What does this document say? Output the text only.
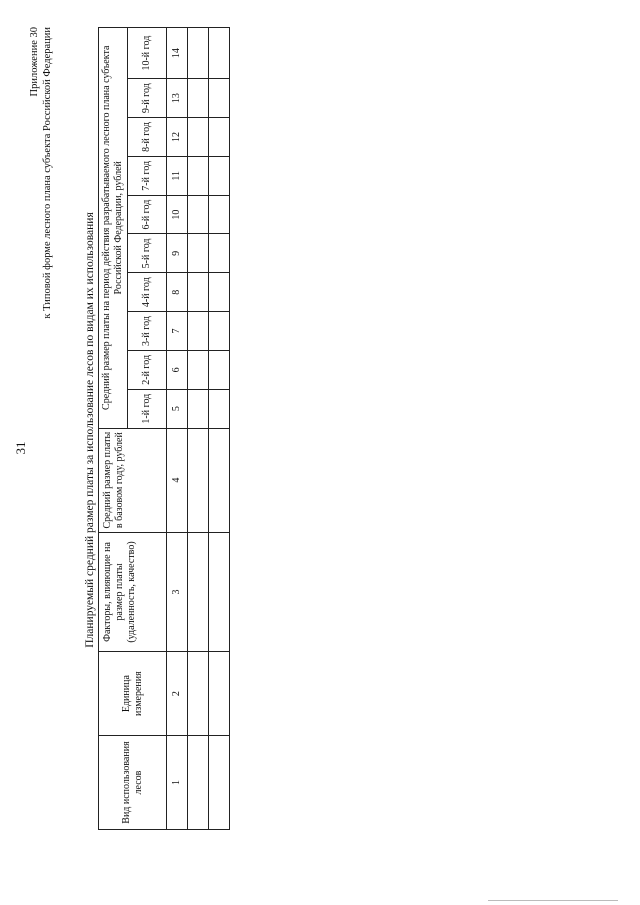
31
Приложение 30 к Типовой форме лесного плана субъекта Российской Федерации
Планируемый средний размер платы за использование лесов по видам их использования
Вид использования лесов	Единица измерения	Факторы, влияющие на размер платы (удаленность, качество)	Средний размер платы в базовом году, рублей	Средний размер платы на период действия разрабатываемого лесного плана субъекта Российской Федерации, рублей									
				1-й год	2-й год	3-й год	4-й год	5-й год	6-й год	7-й год	8-й год	9-й год	10-й год
1	2	3	4	5	6	7	8	9	10	11	12	13	14
